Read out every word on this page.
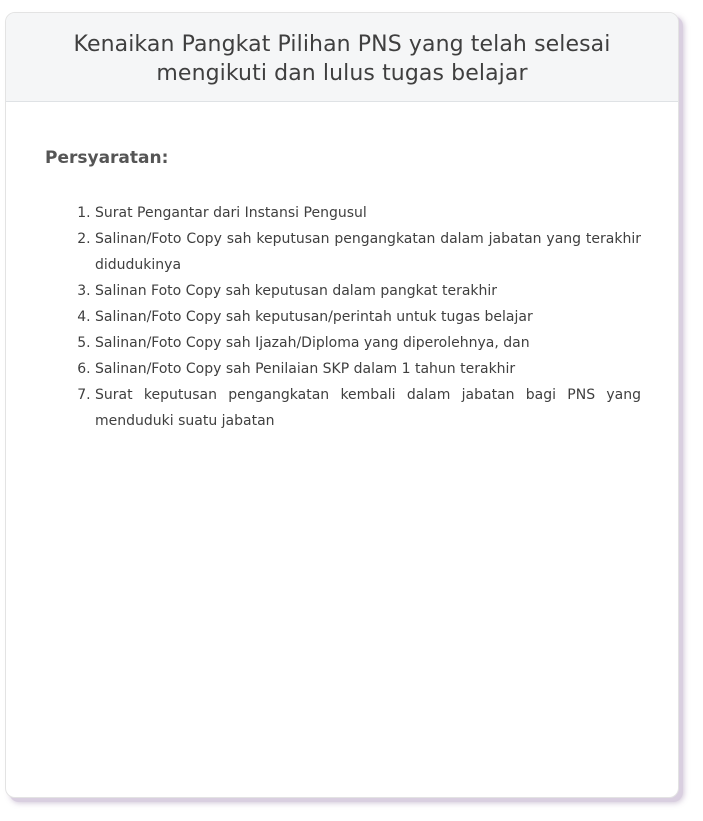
Kenaikan Pangkat Pilihan PNS yang telah selesai mengikuti dan lulus tugas belajar
Persyaratan:
1. Surat Pengantar dari Instansi Pengusul
2. Salinan/Foto Copy sah keputusan pengangkatan dalam jabatan yang terakhir didudukinya
3. Salinan Foto Copy sah keputusan dalam pangkat terakhir
4. Salinan/Foto Copy sah keputusan/perintah untuk tugas belajar
5. Salinan/Foto Copy sah Ijazah/Diploma yang diperolehnya, dan
6. Salinan/Foto Copy sah Penilaian SKP dalam 1 tahun terakhir
7. Surat keputusan pengangkatan kembali dalam jabatan bagi PNS yang menduduki suatu jabatan
